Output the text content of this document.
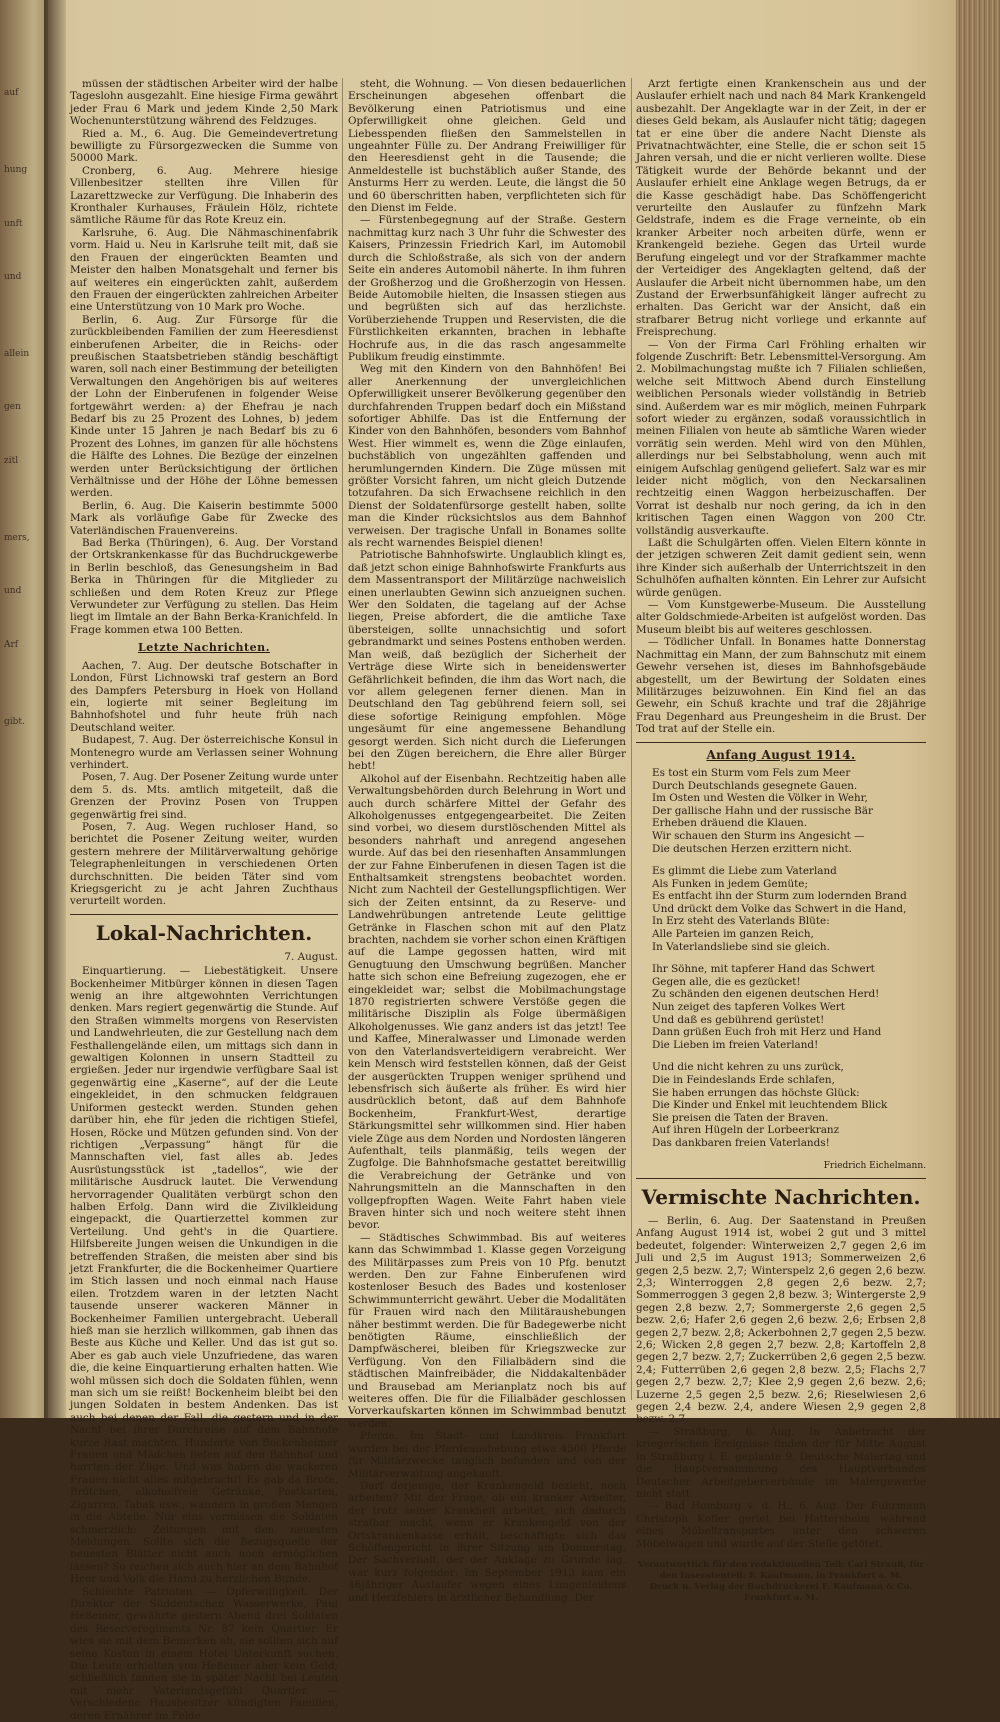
auf
hung
unft
und
allein
gen
zitl
mers,
und
Arf
gibt.

müssen der städtischen Arbeiter wird der halbe Tageslohn ausgezahlt. Eine hiesige Firma gewährt jeder Frau 6 Mark und jedem Kinde 2,50 Mark Wochenunterstützung während des Feldzuges.

Ried a. M., 6. Aug. Die Gemeindevertretung bewilligte zu Fürsorgezwecken die Summe von 50000 Mark.

Cronberg, 6. Aug. Mehrere hiesige Villenbesitzer stellten ihre Villen für Lazarettzwecke zur Verfügung. Die Inhaberin des Kronthaler Kurhauses, Fräulein Hölz, richtete sämtliche Räume für das Rote Kreuz ein.

Karlsruhe, 6. Aug. Die Nähmaschinenfabrik vorm. Haid u. Neu in Karlsruhe teilt mit, daß sie den Frauen der eingerückten Beamten und Meister den halben Monatsgehalt und ferner bis auf weiteres ein eingerückten zahlt, außerdem den Frauen der eingerückten zahlreichen Arbeiter eine Unterstützung von 10 Mark pro Woche.

Berlin, 6. Aug. Zur Fürsorge für die zurückbleibenden Familien der zum Heeresdienst einberufenen Arbeiter, die in Reichs- oder preußischen Staatsbetrieben ständig beschäftigt waren, soll nach einer Bestimmung der beteiligten Verwaltungen den Angehörigen bis auf weiteres der Lohn der Einberufenen in folgender Weise fortgewährt werden: a) der Ehefrau je nach Bedarf bis zu 25 Prozent des Lohnes, b) jedem Kinde unter 15 Jahren je nach Bedarf bis zu 6 Prozent des Lohnes, im ganzen für alle höchstens die Hälfte des Lohnes. Die Bezüge der einzelnen werden unter Berücksichtigung der örtlichen Verhältnisse und der Höhe der Löhne bemessen werden.

Berlin, 6. Aug. Die Kaiserin bestimmte 5000 Mark als vorläufige Gabe für Zwecke des Vaterländischen Frauenvereins.

Bad Berka (Thüringen), 6. Aug. Der Vorstand der Ortskrankenkasse für das Buchdruckgewerbe in Berlin beschloß, das Genesungsheim in Bad Berka in Thüringen für die Mitglieder zu schließen und dem Roten Kreuz zur Pflege Verwundeter zur Verfügung zu stellen. Das Heim liegt im Ilmtale an der Bahn Berka-Kranichfeld. In Frage kommen etwa 100 Betten.

Letzte Nachrichten.

Aachen, 7. Aug. Der deutsche Botschafter in London, Fürst Lichnowski traf gestern an Bord des Dampfers Petersburg in Hoek von Holland ein, logierte mit seiner Begleitung im Bahnhofshotel und fuhr heute früh nach Deutschland weiter.

Budapest, 7. Aug. Der österreichische Konsul in Montenegro wurde am Verlassen seiner Wohnung verhindert.

Posen, 7. Aug. Der Posener Zeitung wurde unter dem 5. ds. Mts. amtlich mitgeteilt, daß die Grenzen der Provinz Posen von Truppen gegenwärtig frei sind.

Posen, 7. Aug. Wegen ruchloser Hand, so berichtet die Posener Zeitung weiter, wurden gestern mehrere der Militärverwaltung gehörige Telegraphenleitungen in verschiedenen Orten durchschnitten. Die beiden Täter sind vom Kriegsgericht zu je acht Jahren Zuchthaus verurteilt worden.

Lokal-Nachrichten.
7. August.

Einquartierung. — Liebestätigkeit. Unsere Bockenheimer Mitbürger können in diesen Tagen wenig an ihre altgewohnten Verrichtungen denken. Mars regiert gegenwärtig die Stunde. Auf den Straßen wimmelts morgens von Reservisten und Landwehrleuten, die zur Gestellung nach dem Festhallengelände eilen, um mittags sich dann in gewaltigen Kolonnen in unsern Stadtteil zu ergießen. Jeder nur irgendwie verfügbare Saal ist gegenwärtig eine „Kaserne“, auf der die Leute eingekleidet, in den schmucken feldgrauen Uniformen gesteckt werden. Stunden gehen darüber hin, ehe für jeden die richtigen Stiefel, Hosen, Röcke und Mützen gefunden sind. Von der richtigen „Verpassung“ hängt für die Mannschaften viel, fast alles ab. Jedes Ausrüstungsstück ist „tadellos“, wie der militärische Ausdruck lautet. Die Verwendung hervorragender Qualitäten verbürgt schon den halben Erfolg. Dann wird die Zivilkleidung eingepackt, die Quartierzettel kommen zur Verteilung. Und geht's in die Quartiere. Hilfsbereite Jungen weisen die Unkundigen in die betreffenden Straßen, die meisten aber sind bis jetzt Frankfurter, die die Bockenheimer Quartiere im Stich lassen und noch einmal nach Hause eilen. Trotzdem waren in der letzten Nacht tausende unserer wackeren Männer in Bockenheimer Familien untergebracht. Ueberall hieß man sie herzlich willkommen, gab ihnen das Beste aus Küche und Keller. Und das ist gut so. Aber es gab auch viele Unzufriedene, das waren die, die keine Einquartierung erhalten hatten. Wie wohl müssen sich doch die Soldaten fühlen, wenn man sich um sie reißt! Bockenheim bleibt bei den jungen Soldaten in bestem Andenken. Das ist auch bei denen der Fall, die gestern und in der Nacht bei ihrer Durchreise auf dem Bahnhofe kurze Rast machten. Hunderte von Bockenheimer Frauen und Mädchen liefen auf den Bahnhof und harrten der Züge. Und was haben die wackeren Frauen nicht alles mitgebracht! Es gab da Brote, Brötchen, alkoholfreie Getränke, Postkarten, Zigarren, Tabak usw., wandern in großen Mengen in die Abteile. Nur eins vermissen die Soldaten schmerzlich: Zeitungen mit den neuesten Meldungen. Sollte sich die Bezugsquelle der neuesten Blätter nicht auch noch ermöglichen lassen? So reichen sich auch hier an dem Bahnhof Heer und Volk die Hand zu herzlichen Bunde.

Schlechte Patrioten. — Opferwilligkeit. Der Direktor der Süddeutschen Wasserwerke, Paul Heßemer, gewährte gestern Abend drei Soldaten des Reserveregiments Nr. 87 kein Quartier. Er wies sie mit dem Bemerken ab, sie sollten sich auf seine Kosten in einem Hotel Unterkunft suchen. Die Leute erhielten von Heßemer aber kein Geld; schließlich fanden sie in später Nacht bei Leuten mit mehr Vaterlandsgefühl Quartier. — Verschiedene Hausbesitzer kündigten Familien, deren Ernährer im Felde

steht, die Wohnung. — Von diesen bedauerlichen Erscheinungen abgesehen offenbart die Bevölkerung einen Patriotismus und eine Opferwilligkeit ohne gleichen. Geld und Liebesspenden fließen den Sammelstellen in ungeahnter Fülle zu. Der Andrang Freiwilliger für den Heeresdienst geht in die Tausende; die Anmeldestelle ist buchstäblich außer Stande, des Ansturms Herr zu werden. Leute, die längst die 50 und 60 überschritten haben, verpflichteten sich für den Dienst im Felde.

— Fürstenbegegnung auf der Straße. Gestern nachmittag kurz nach 3 Uhr fuhr die Schwester des Kaisers, Prinzessin Friedrich Karl, im Automobil durch die Schloßstraße, als sich von der andern Seite ein anderes Automobil näherte. In ihm fuhren der Großherzog und die Großherzogin von Hessen. Beide Automobile hielten, die Insassen stiegen aus und begrüßten sich auf das herzlichste. Vorüberziehende Truppen und Reservisten, die die Fürstlichkeiten erkannten, brachen in lebhafte Hochrufe aus, in die das rasch angesammelte Publikum freudig einstimmte.

Weg mit den Kindern von den Bahnhöfen! Bei aller Anerkennung der unvergleichlichen Opferwilligkeit unserer Bevölkerung gegenüber den durchfahrenden Truppen bedarf doch ein Mißstand sofortiger Abhilfe. Das ist die Entfernung der Kinder von den Bahnhöfen, besonders vom Bahnhof West. Hier wimmelt es, wenn die Züge einlaufen, buchstäblich von ungezählten gaffenden und herumlungernden Kindern. Die Züge müssen mit größter Vorsicht fahren, um nicht gleich Dutzende totzufahren. Da sich Erwachsene reichlich in den Dienst der Soldatenfürsorge gestellt haben, sollte man die Kinder rücksichtslos aus dem Bahnhof verweisen. Der tragische Unfall in Bonames sollte als recht warnendes Beispiel dienen!

Patriotische Bahnhofswirte. Unglaublich klingt es, daß jetzt schon einige Bahnhofswirte Frankfurts aus dem Massentransport der Militärzüge nachweislich einen unerlaubten Gewinn sich anzueignen suchen. Wer den Soldaten, die tagelang auf der Achse liegen, Preise abfordert, die die amtliche Taxe übersteigen, sollte unnachsichtig und sofort gebrandmarkt und seines Postens enthoben werden. Man weiß, daß bezüglich der Sicherheit der Verträge diese Wirte sich in beneidenswerter Gefährlichkeit befinden, die ihm das Wort nach, die vor allem gelegenen ferner dienen. Man in Deutschland den Tag gebührend feiern soll, sei diese sofortige Reinigung empfohlen. Möge ungesäumt für eine angemessene Behandlung gesorgt werden. Sich nicht durch die Lieferungen bei den Zügen bereichern, die Ehre aller Bürger hebt!

Alkohol auf der Eisenbahn. Rechtzeitig haben alle Verwaltungsbehörden durch Belehrung in Wort und auch durch schärfere Mittel der Gefahr des Alkoholgenusses entgegengearbeitet. Die Zeiten sind vorbei, wo diesem durstlöschenden Mittel als besonders nahrhaft und anregend angesehen wurde. Auf das bei den riesenhaften Ansammlungen der zur Fahne Einberufenen in diesen Tagen ist die Enthaltsamkeit strengstens beobachtet worden. Nicht zum Nachteil der Gestellungspflichtigen. Wer sich der Zeiten entsinnt, da zu Reserve- und Landwehrübungen antretende Leute gelittige Getränke in Flaschen schon mit auf den Platz brachten, nachdem sie vorher schon einen Kräftigen auf die Lampe gegossen hatten, wird mit Genugtuung den Umschwung begrüßen. Mancher hatte sich schon eine Befreiung zugezogen, ehe er eingekleidet war; selbst die Mobilmachungstage 1870 registrierten schwere Verstöße gegen die militärische Disziplin als Folge übermäßigen Alkoholgenusses. Wie ganz anders ist das jetzt! Tee und Kaffee, Mineralwasser und Limonade werden von den Vaterlandsverteidigern verabreicht. Wer kein Mensch wird feststellen können, daß der Geist der ausgerückten Truppen weniger sprühend und lebensfrisch sich äußerte als früher. Es wird hier ausdrücklich betont, daß auf dem Bahnhofe Bockenheim, Frankfurt-West, derartige Stärkungsmittel sehr willkommen sind. Hier haben viele Züge aus dem Norden und Nordosten längeren Aufenthalt, teils planmäßig, teils wegen der Zugfolge. Die Bahnhofsmache gestattet bereitwillig die Verabreichung der Getränke und von Nahrungsmitteln an die Mannschaften in den vollgepfropften Wagen. Weite Fahrt haben viele Braven hinter sich und noch weitere steht ihnen bevor.

— Städtisches Schwimmbad. Bis auf weiteres kann das Schwimmbad 1. Klasse gegen Vorzeigung des Militärpasses zum Preis von 10 Pfg. benutzt werden. Den zur Fahne Einberufenen wird kostenloser Besuch des Bades und kostenloser Schwimmunterricht gewährt. Ueber die Modalitäten für Frauen wird nach den Militäraushebungen näher bestimmt werden. Die für Badegewerbe nicht benötigten Räume, einschließlich der Dampfwäscherei, bleiben für Kriegszwecke zur Verfügung. Von den Filialbädern sind die städtischen Mainfreibäder, die Niddakaltenbäder und Brausebad am Merianplatz noch bis auf weiteres offen. Die für die Filialbäder geschlossen Vorverkaufskarten können im Schwimmbad benutzt werden.

Pferde. Im Stadt- und Landkreis Frankfurt wurden bei der Pferdeaushebung etwa 4500 Pferde für Militärzwecke tauglich befunden und von der Militärverwaltung angekauft.

Darf derjenige, der Krankengeld bezieht, noch arbeiten? Mit der Frage, ob ein kranker Arbeiter, der trotz seiner Krankheit arbeitet, sich dadurch strafbar macht, wenn er Krankengeld von der Ortskrankenkasse erhält, beschäftigte sich das Schöffengericht in ihrer Sitzung am Donnerstag. Der Sachverhalt, der der Anklage zu Grunde lag, war kurz folgender: Im September 1913 kam ein 46jähriger Auslaufer wegen eines Lungenleidens und Herzfehlers in ärztlicher Behandlung. Der

Arzt fertigte einen Krankenschein aus und der Auslaufer erhielt nach und nach 84 Mark Krankengeld ausbezahlt. Der Angeklagte war in der Zeit, in der er dieses Geld bekam, als Auslaufer nicht tätig; dagegen tat er eine über die andere Nacht Dienste als Privatnachtwächter, eine Stelle, die er schon seit 15 Jahren versah, und die er nicht verlieren wollte. Diese Tätigkeit wurde der Behörde bekannt und der Auslaufer erhielt eine Anklage wegen Betrugs, da er die Kasse geschädigt habe. Das Schöffengericht verurteilte den Auslaufer zu fünfzehn Mark Geldstrafe, indem es die Frage verneinte, ob ein kranker Arbeiter noch arbeiten dürfe, wenn er Krankengeld beziehe. Gegen das Urteil wurde Berufung eingelegt und vor der Strafkammer machte der Verteidiger des Angeklagten geltend, daß der Auslaufer die Arbeit nicht übernommen habe, um den Zustand der Erwerbsunfähigkeit länger aufrecht zu erhalten. Das Gericht war der Ansicht, daß ein strafbarer Betrug nicht vorliege und erkannte auf Freisprechung.

— Von der Firma Carl Fröhling erhalten wir folgende Zuschrift: Betr. Lebensmittel-Versorgung. Am 2. Mobilmachungstag mußte ich 7 Filialen schließen, welche seit Mittwoch Abend durch Einstellung weiblichen Personals wieder vollständig in Betrieb sind. Außerdem war es mir möglich, meinen Fuhrpark sofort wieder zu ergänzen, sodaß voraussichtlich in meinen Filialen von heute ab sämtliche Waren wieder vorrätig sein werden. Mehl wird von den Mühlen, allerdings nur bei Selbstabholung, wenn auch mit einigem Aufschlag genügend geliefert. Salz war es mir leider nicht möglich, von den Neckarsalinen rechtzeitig einen Waggon herbeizuschaffen. Der Vorrat ist deshalb nur noch gering, da ich in den kritischen Tagen einen Waggon von 200 Ctr. vollständig ausverkaufte.

Laßt die Schulgärten offen. Vielen Eltern könnte in der jetzigen schweren Zeit damit gedient sein, wenn ihre Kinder sich außerhalb der Unterrichtszeit in den Schulhöfen aufhalten könnten. Ein Lehrer zur Aufsicht würde genügen.

— Vom Kunstgewerbe-Museum. Die Ausstellung alter Goldschmiede-Arbeiten ist aufgelöst worden. Das Museum bleibt bis auf weiteres geschlossen.

— Tödlicher Unfall. In Bonames hatte Donnerstag Nachmittag ein Mann, der zum Bahnschutz mit einem Gewehr versehen ist, dieses im Bahnhofsgebäude abgestellt, um der Bewirtung der Soldaten eines Militärzuges beizuwohnen. Ein Kind fiel an das Gewehr, ein Schuß krachte und traf die 28jährige Frau Degenhard aus Preungesheim in die Brust. Der Tod trat auf der Stelle ein.

Anfang August 1914.
Es tost ein Sturm vom Fels zum Meer
Durch Deutschlands gesegnete Gauen.
Im Osten und Westen die Völker in Wehr,
Der gallische Hahn und der russische Bär
Erheben dräuend die Klauen.
Wir schauen den Sturm ins Angesicht —
Die deutschen Herzen erzittern nicht.
Es glimmt die Liebe zum Vaterland
Als Funken in jedem Gemüte;
Es entfacht ihn der Sturm zum lodernden Brand
Und drückt dem Volke das Schwert in die Hand,
In Erz steht des Vaterlands Blüte:
Alle Parteien im ganzen Reich,
In Vaterlandsliebe sind sie gleich.
Ihr Söhne, mit tapferer Hand das Schwert
Gegen alle, die es gezücket!
Zu schänden den eigenen deutschen Herd!
Nun zeiget des tapferen Volkes Wert
Und daß es gebührend gerüstet!
Dann grüßen Euch froh mit Herz und Hand
Die Lieben im freien Vaterland!
Und die nicht kehren zu uns zurück,
Die in Feindeslands Erde schlafen,
Sie haben errungen das höchste Glück:
Die Kinder und Enkel mit leuchtendem Blick
Sie preisen die Taten der Braven.
Auf ihren Hügeln der Lorbeerkranz
Das dankbaren freien Vaterlands!
Friedrich Eichelmann.
Vermischte Nachrichten.

— Berlin, 6. Aug. Der Saatenstand in Preußen Anfang August 1914 ist, wobei 2 gut und 3 mittel bedeutet, folgender: Winterweizen 2,7 gegen 2,6 im Juli und 2,5 im August 1913; Sommerweizen 2,6 gegen 2,5 bezw. 2,7; Winterspelz 2,6 gegen 2,6 bezw. 2,3; Winterroggen 2,8 gegen 2,6 bezw. 2,7; Sommerroggen 3 gegen 2,8 bezw. 3; Wintergerste 2,9 gegen 2,8 bezw. 2,7; Sommergerste 2,6 gegen 2,5 bezw. 2,6; Hafer 2,6 gegen 2,6 bezw. 2,6; Erbsen 2,8 gegen 2,7 bezw. 2,8; Ackerbohnen 2,7 gegen 2,5 bezw. 2,6; Wicken 2,8 gegen 2,7 bezw. 2,8; Kartoffeln 2,8 gegen 2,7 bezw. 2,7; Zuckerrüben 2,6 gegen 2,5 bezw. 2,4; Futterrüben 2,6 gegen 2,8 bezw. 2,5; Flachs 2,7 gegen 2,7 bezw. 2,7; Klee 2,9 gegen 2,6 bezw. 2,6; Luzerne 2,5 gegen 2,5 bezw. 2,6; Rieselwiesen 2,6 gegen 2,4 bezw. 2,4, andere Wiesen 2,9 gegen 2,8 bezw. 2,7.

— Straßburg, 6. Aug. In Anbetracht der kriegerischen Ereignisse finden der für Mitte August in Straßburg i. E. geplante 9. Deutsche Malertag und die Hauptversammlung des Hauptverbandes Deutscher Arbeitgeberverbände im Malergewerbe nicht statt.

— Bad Homburg v. d. H., 6. Aug. Der Fuhrmann Christoph Kofler geriet bei Hattersheim während eines Möbeltransportes unter den schweren Möbelwagen und wurde auf der Stelle getötet.

Verantwortlich für den redaktionellen Teil: Carl Strauß, für den Inseratenteil: F. Kaufmann, in Frankfurt a. M.
Druck u. Verlag der Buchdruckerei F. Kaufmann & Co. Frankfurt a. M.
